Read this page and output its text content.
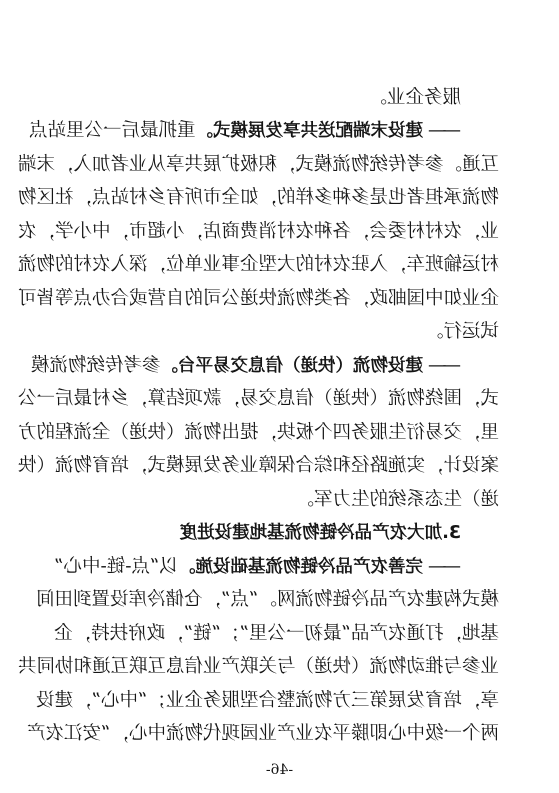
服务企业。
——建设末端配送共享发展模式。重抓最后一公里站点
互通。参考传统物流模式，积极扩展共享从业者加入，末端
物流承担者也是多种多样的，如全市所有乡村站点，社区物
业，农村村委会，各种农村消费商店，小超市，中小学，农
村运输班车，入驻农村的大型企事业单位，深入农村的物流
企业如中国邮政，各类物流快递公司的自营或合办点等皆可
试运行。
——建设物流（快递）信息交易平台。参考传统物流模
式，围绕物流（快递）信息交易，款项结算，乡村最后一公
里，交易衍生服务四个板块，提出物流（快递）全流程的方
案设计，实施路径和综合保障业务发展模式，培育物流（快
递）生态系统的生力军。
3.加大农产品冷链物流基地建设进度
——完善农产品冷链物流基础设施。以“点-链-中心”
模式构建农产品冷链物流网。“点”，仓储冷库设置到田间
基地，打通农产品“最初一公里”；“链”，政府扶持，企
业参与推动物流（快递）与关联产业信息互联互通和协同共
享，培育发展第三方物流整合型服务企业；“中心”，建设
两个一级中心即滕平农业产业园现代物流中心，“安江农产
-46-
